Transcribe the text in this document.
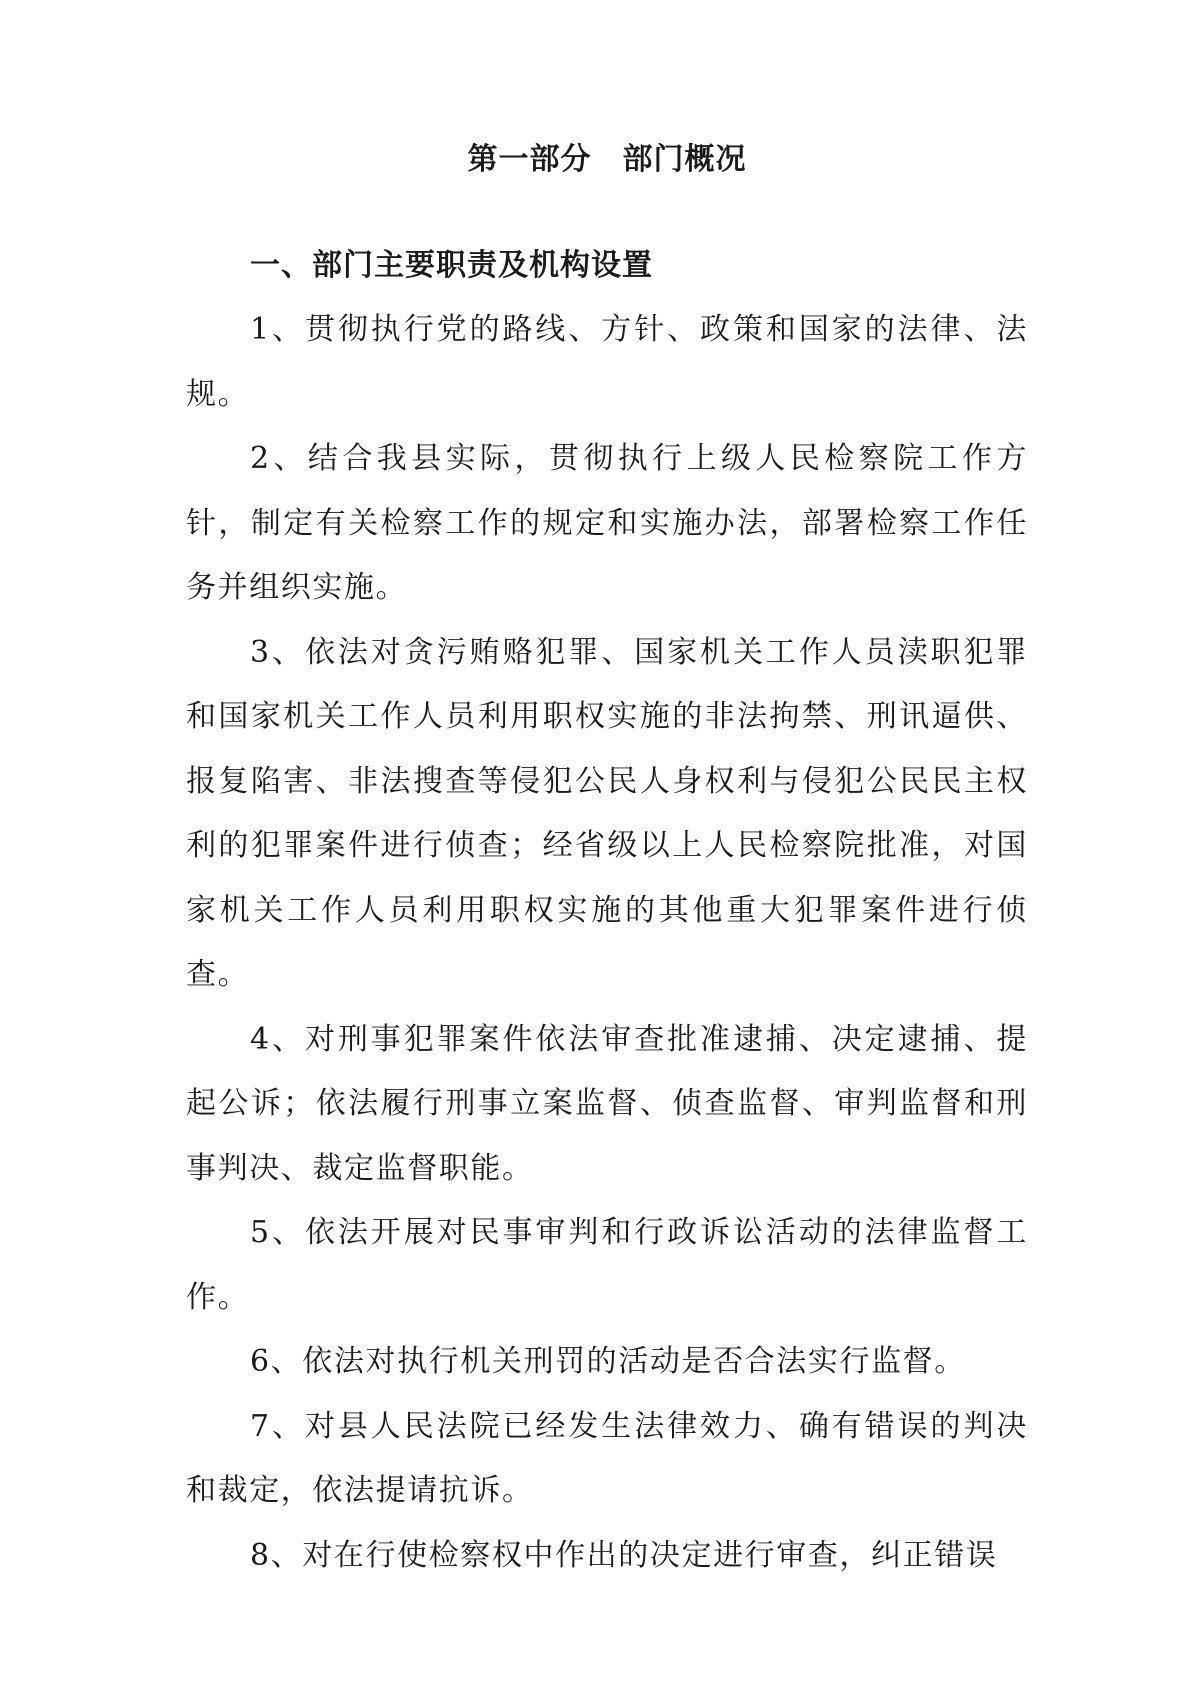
第一部分　部门概况
一、部门主要职责及机构设置

1、贯彻执行党的路线、方针、政策和国家的法律、法规。

2、结合我县实际，贯彻执行上级人民检察院工作方针，制定有关检察工作的规定和实施办法，部署检察工作任务并组织实施。

3、依法对贪污贿赂犯罪、国家机关工作人员渎职犯罪和国家机关工作人员利用职权实施的非法拘禁、刑讯逼供、报复陷害、非法搜查等侵犯公民人身权利与侵犯公民民主权利的犯罪案件进行侦查；经省级以上人民检察院批准，对国家机关工作人员利用职权实施的其他重大犯罪案件进行侦查。

4、对刑事犯罪案件依法审查批准逮捕、决定逮捕、提起公诉；依法履行刑事立案监督、侦查监督、审判监督和刑事判决、裁定监督职能。

5、依法开展对民事审判和行政诉讼活动的法律监督工作。

6、依法对执行机关刑罚的活动是否合法实行监督。

7、对县人民法院已经发生法律效力、确有错误的判决和裁定，依法提请抗诉。

8、对在行使检察权中作出的决定进行审查，纠正错误
